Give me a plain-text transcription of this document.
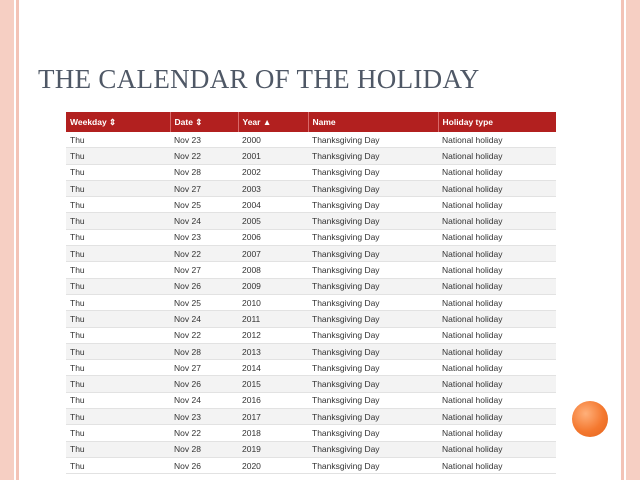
THE CALENDAR OF THE HOLIDAY
Weekday ⇕	Date ⇕	Year ▲	Name	Holiday type
Thu	Nov 23	2000	Thanksgiving Day	National holiday
Thu	Nov 22	2001	Thanksgiving Day	National holiday
Thu	Nov 28	2002	Thanksgiving Day	National holiday
Thu	Nov 27	2003	Thanksgiving Day	National holiday
Thu	Nov 25	2004	Thanksgiving Day	National holiday
Thu	Nov 24	2005	Thanksgiving Day	National holiday
Thu	Nov 23	2006	Thanksgiving Day	National holiday
Thu	Nov 22	2007	Thanksgiving Day	National holiday
Thu	Nov 27	2008	Thanksgiving Day	National holiday
Thu	Nov 26	2009	Thanksgiving Day	National holiday
Thu	Nov 25	2010	Thanksgiving Day	National holiday
Thu	Nov 24	2011	Thanksgiving Day	National holiday
Thu	Nov 22	2012	Thanksgiving Day	National holiday
Thu	Nov 28	2013	Thanksgiving Day	National holiday
Thu	Nov 27	2014	Thanksgiving Day	National holiday
Thu	Nov 26	2015	Thanksgiving Day	National holiday
Thu	Nov 24	2016	Thanksgiving Day	National holiday
Thu	Nov 23	2017	Thanksgiving Day	National holiday
Thu	Nov 22	2018	Thanksgiving Day	National holiday
Thu	Nov 28	2019	Thanksgiving Day	National holiday
Thu	Nov 26	2020	Thanksgiving Day	National holiday
